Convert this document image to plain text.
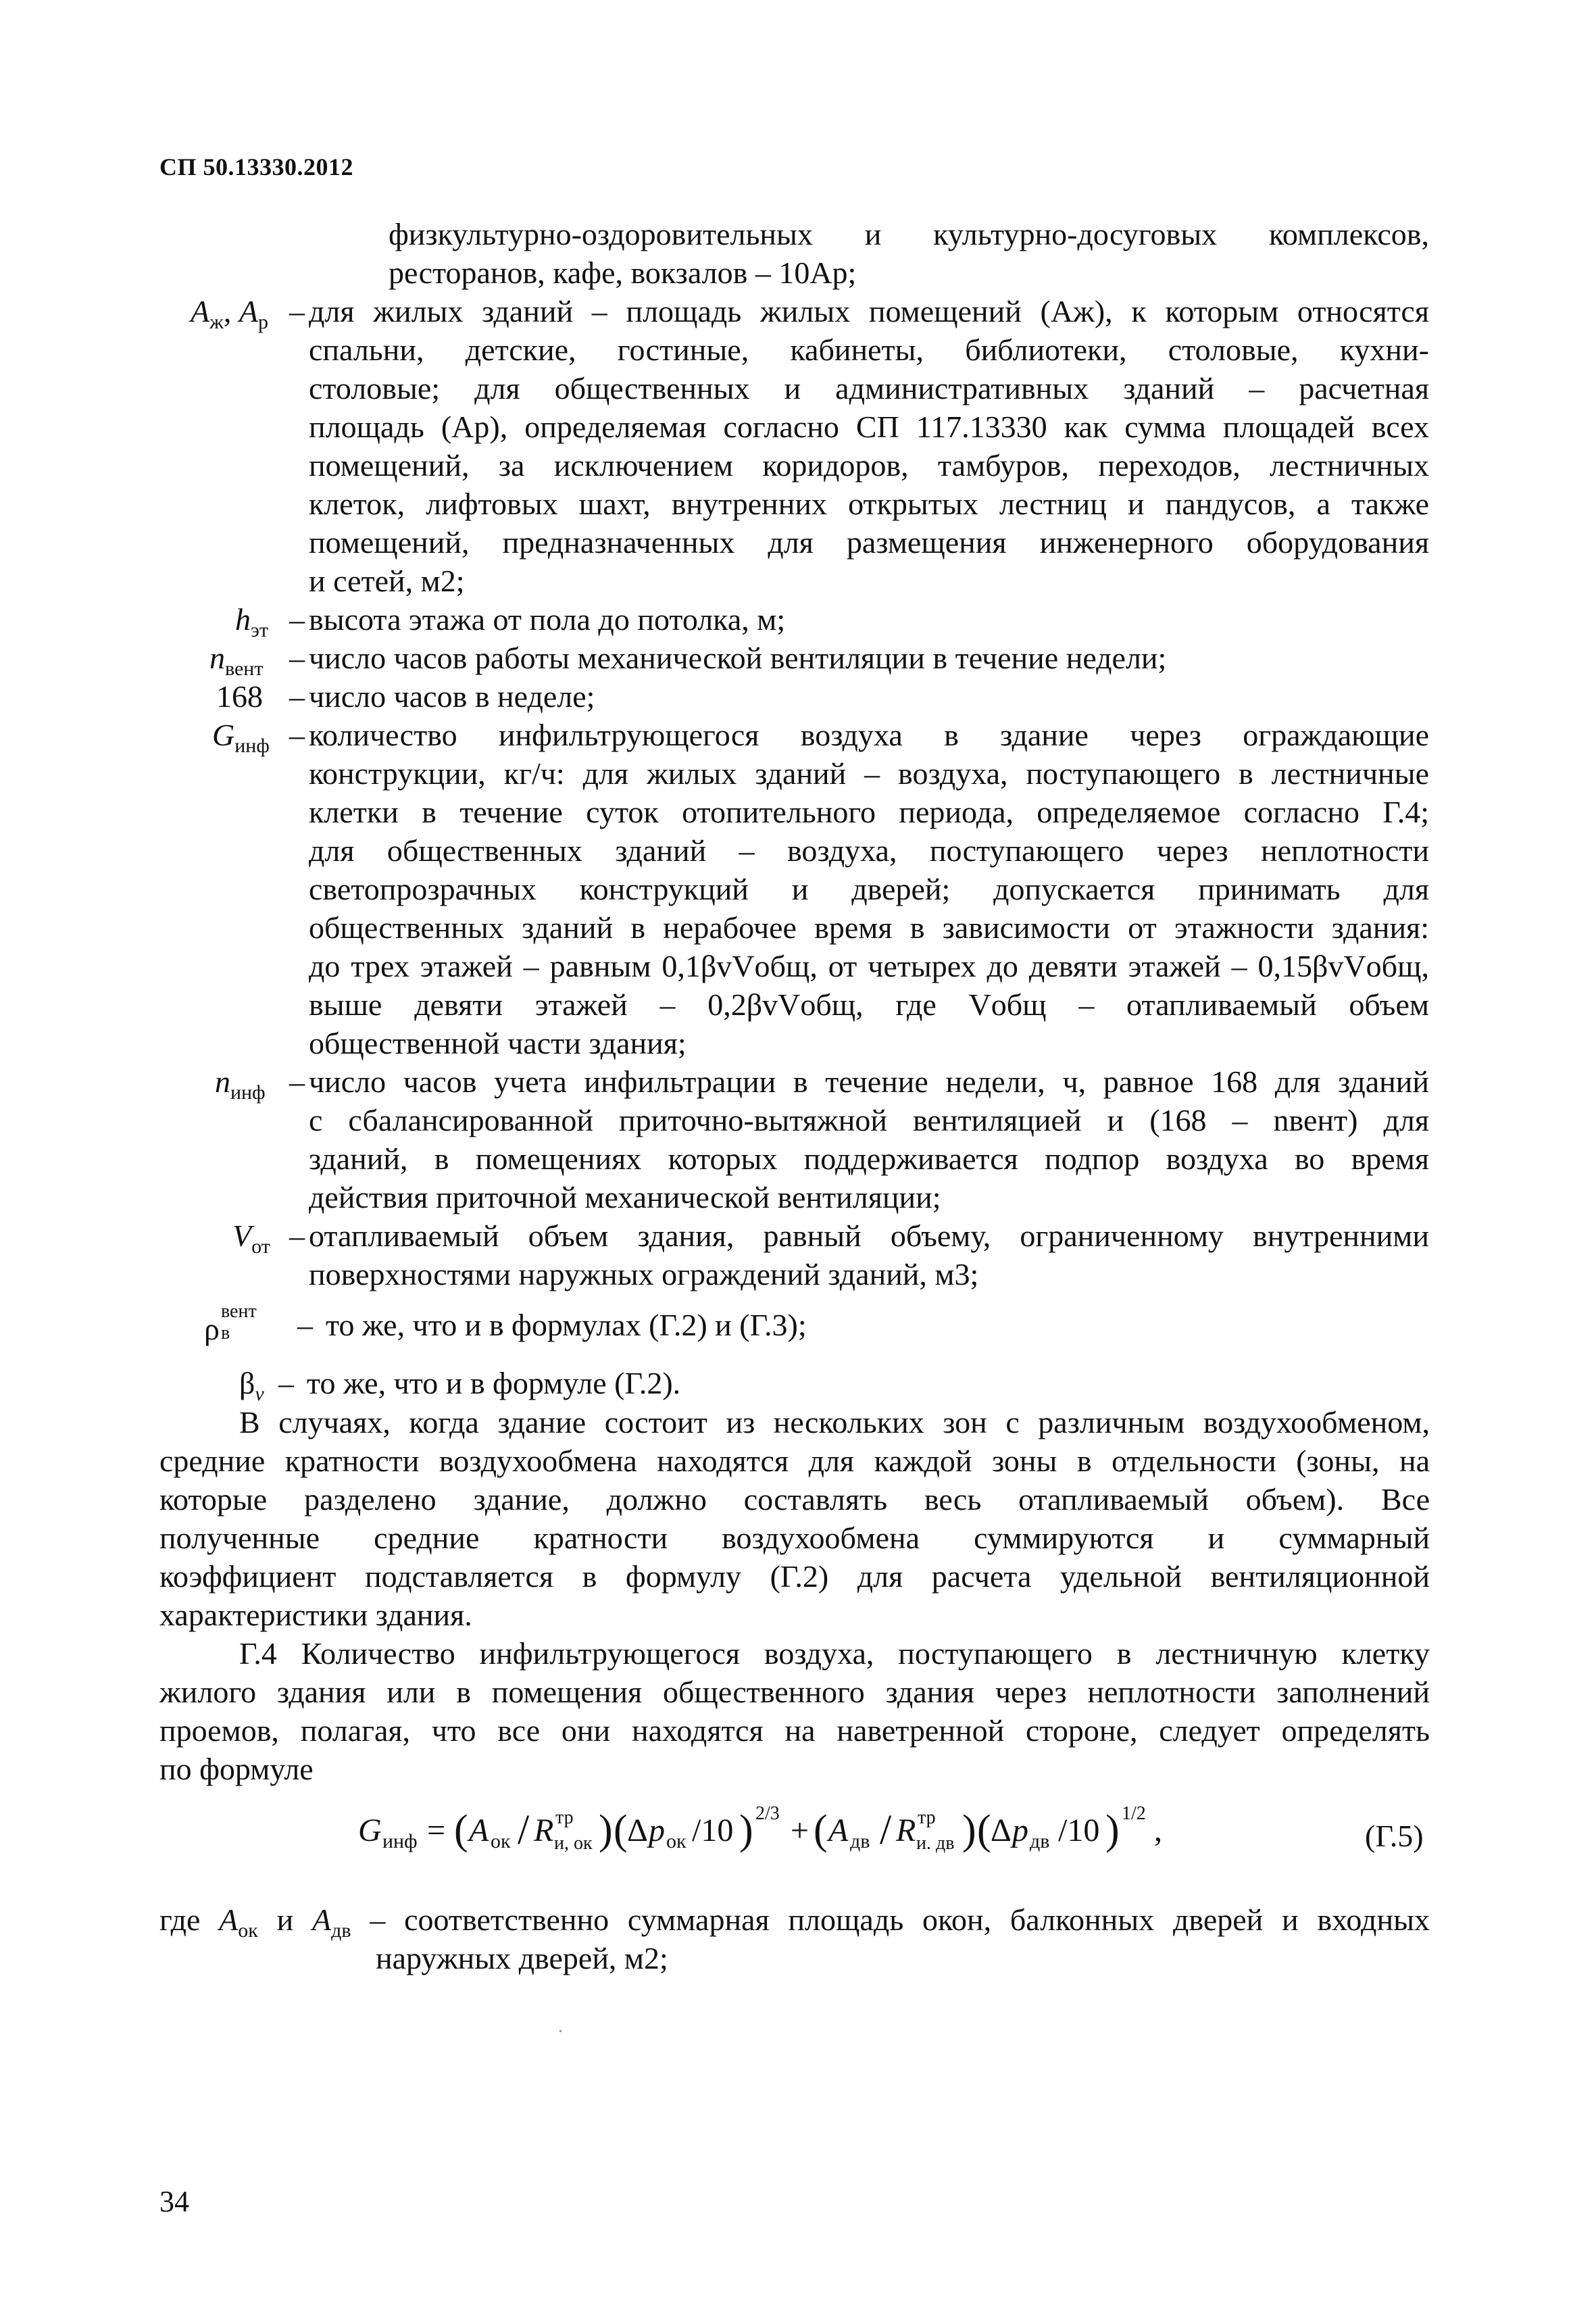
СП 50.13330.2012
физкультурно-оздоровительных и культурно-досуговых комплексов,
ресторанов, кафе, вокзалов – 10Aр;
$A_ж$, $A_р$ – для жилых зданий – площадь жилых помещений (Aж), к которым относятся
спальни, детские, гостиные, кабинеты, библиотеки, столовые, кухни-
столовые; для общественных и административных зданий – расчетная
площадь (Aр), определяемая согласно СП 117.13330 как сумма площадей всех
помещений, за исключением коридоров, тамбуров, переходов, лестничных
клеток, лифтовых шахт, внутренних открытых лестниц и пандусов, а также
помещений, предназначенных для размещения инженерного оборудования
и сетей, м2;
$h_{эт}$ – высота этажа от пола до потолка, м;
$n_{вент}$ – число часов работы механической вентиляции в течение недели;
168 – число часов в неделе;
$G_{инф}$ – количество инфильтрующегося воздуха в здание через ограждающие
конструкции, кг/ч: для жилых зданий – воздуха, поступающего в лестничные
клетки в течение суток отопительного периода, определяемое согласно Г.4;
для общественных зданий – воздуха, поступающего через неплотности
светопрозрачных конструкций и дверей; допускается принимать для
общественных зданий в нерабочее время в зависимости от этажности здания:
до трех этажей – равным 0,1βvVобщ, от четырех до девяти этажей – 0,15βvVобщ,
выше девяти этажей – 0,2βvVобщ, где Vобщ – отапливаемый объем
общественной части здания;
$n_{инф}$ – число часов учета инфильтрации в течение недели, ч, равное 168 для зданий
с сбалансированной приточно-вытяжной вентиляцией и (168 – nвент) для
зданий, в помещениях которых поддерживается подпор воздуха во время
действия приточной механической вентиляции;
$V_{от}$ – отапливаемый объем здания, равный объему, ограниченному внутренними
поверхностями наружных ограждений зданий, м3;
ρ
вент
в – то же, что и в формулах (Г.2) и (Г.3);
$\beta_v$ – то же, что и в формуле (Г.2).
В случаях, когда здание состоит из нескольких зон с различным воздухообменом,
средние кратности воздухообмена находятся для каждой зоны в отдельности (зоны, на
которые разделено здание, должно составлять весь отапливаемый объем). Все
полученные средние кратности воздухообмена суммируются и суммарный
коэффициент подставляется в формулу (Г.2) для расчета удельной вентиляционной
характеристики здания.
Г.4 Количество инфильтрующегося воздуха, поступающего в лестничную клетку
жилого здания или в помещения общественного здания через неплотности заполнений
проемов, полагая, что все они находятся на наветренной стороне, следует определять
по формуле
G инф = ( A ок / R тр
и, ок ) ( Δ p ок /10 ) 2/3 + ( A дв / R тр
и. дв ) ( Δ p дв /10 ) 1/2 ,	(Г.5)
где $A_{ок}$ и $A_{дв}$ – соответственно суммарная площадь окон, балконных дверей и входных
наружных дверей, м2;
34
